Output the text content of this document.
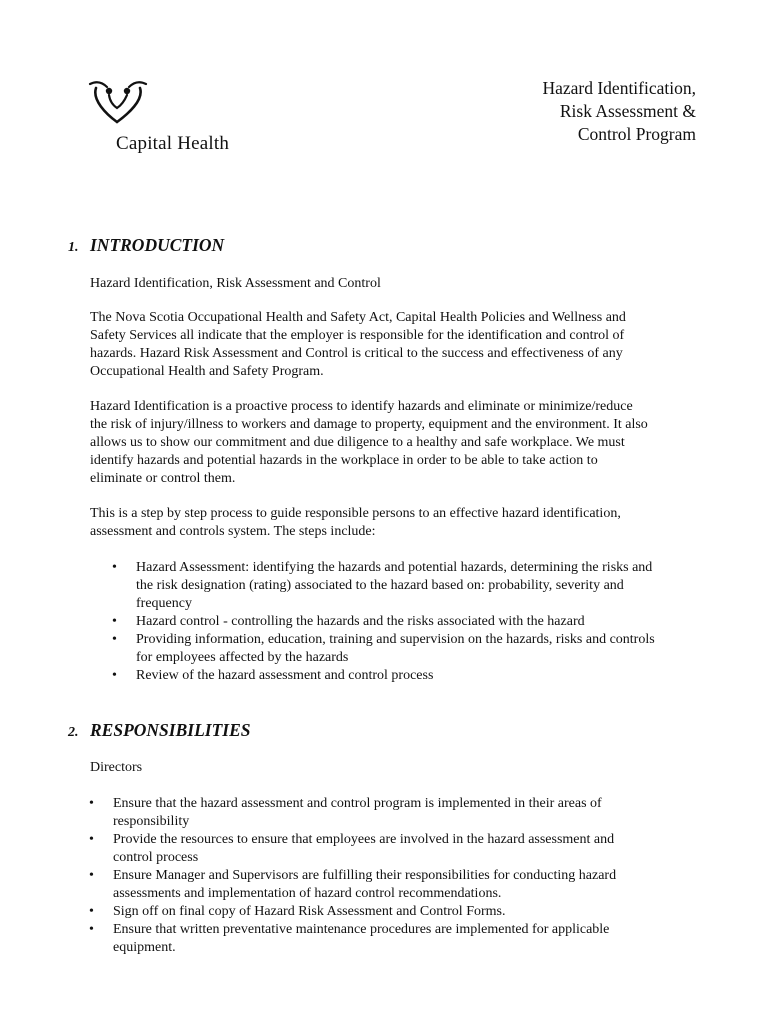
Capital Health
Hazard Identification,
Risk Assessment &
Control Program
1. INTRODUCTION

Hazard Identification, Risk Assessment and Control

The Nova Scotia Occupational Health and Safety Act, Capital Health Policies and Wellness and
Safety Services all indicate that the employer is responsible for the identification and control of
hazards. Hazard Risk Assessment and Control is critical to the success and effectiveness of any
Occupational Health and Safety Program.

Hazard Identification is a proactive process to identify hazards and eliminate or minimize/reduce
the risk of injury/illness to workers and damage to property, equipment and the environment. It also
allows us to show our commitment and due diligence to a healthy and safe workplace. We must
identify hazards and potential hazards in the workplace in order to be able to take action to
eliminate or control them.

This is a step by step process to guide responsible persons to an effective hazard identification,
assessment and controls system. The steps include:

• Hazard Assessment: identifying the hazards and potential hazards, determining the risks and
the risk designation (rating) associated to the hazard based on: probability, severity and
frequency
• Hazard control - controlling the hazards and the risks associated with the hazard
• Providing information, education, training and supervision on the hazards, risks and controls
for employees affected by the hazards
• Review of the hazard assessment and control process
2. RESPONSIBILITIES

Directors

• Ensure that the hazard assessment and control program is implemented in their areas of
responsibility
• Provide the resources to ensure that employees are involved in the hazard assessment and
control process
• Ensure Manager and Supervisors are fulfilling their responsibilities for conducting hazard
assessments and implementation of hazard control recommendations.
• Sign off on final copy of Hazard Risk Assessment and Control Forms.
• Ensure that written preventative maintenance procedures are implemented for applicable
equipment.
